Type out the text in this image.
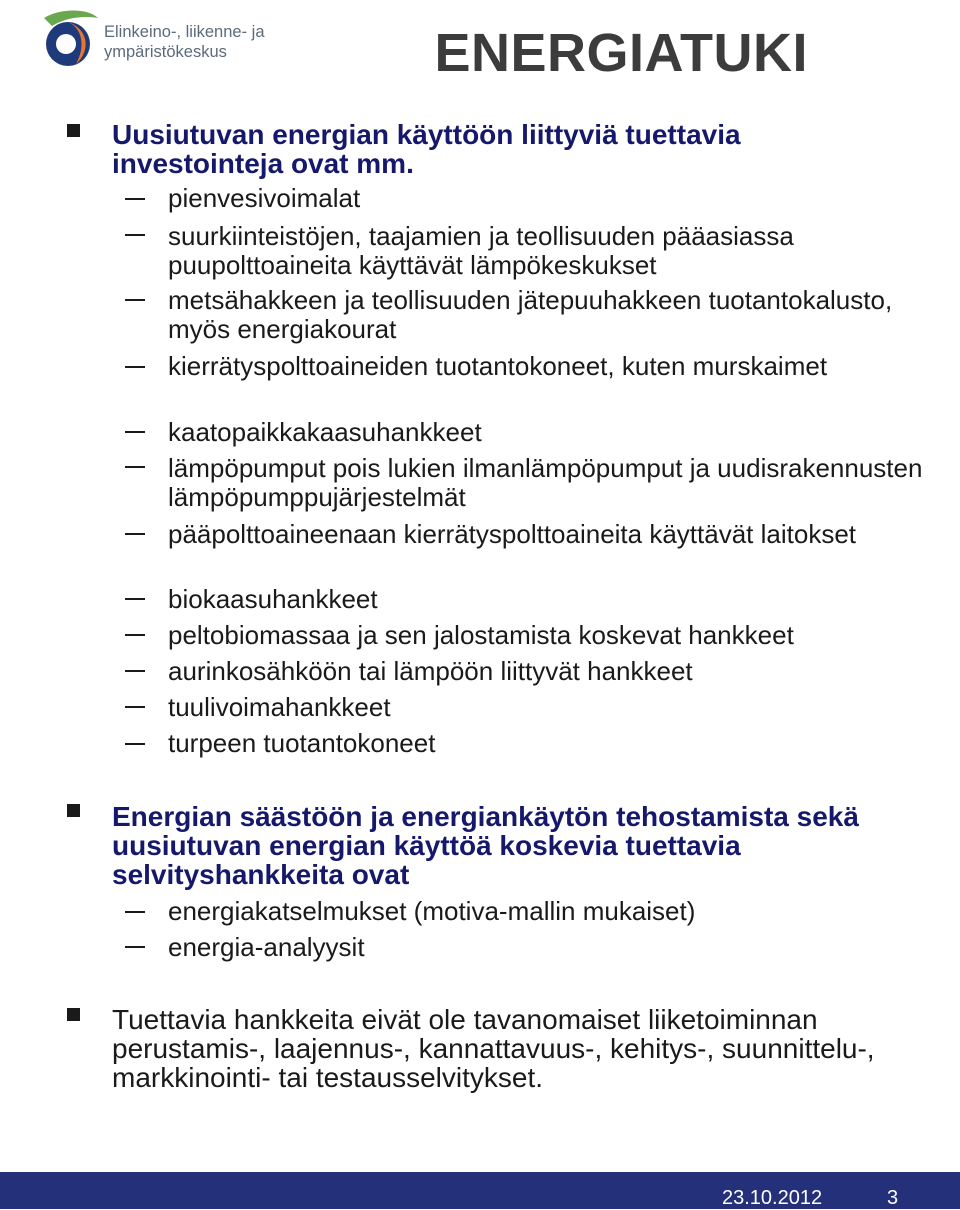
Elinkeino-, liikenne- ja
ympäristökeskus	ENERGIATUKI
Uusiutuvan energian käyttöön liittyviä tuettavia investointeja ovat mm.
pienvesivoimalat
suurkiinteistöjen, taajamien ja teollisuuden pääasiassa puupolttoaineita käyttävät lämpökeskukset
metsähakkeen ja teollisuuden jätepuuhakkeen tuotantokalusto, myös energiakourat
kierrätyspolttoaineiden tuotantokoneet, kuten murskaimet
kaatopaikkakaasuhankkeet
lämpöpumput pois lukien ilmanlämpöpumput ja uudisrakennusten lämpöpumppujärjestelmät
pääpolttoaineenaan kierrätyspolttoaineita käyttävät laitokset
biokaasuhankkeet
peltobiomassaa ja sen jalostamista koskevat hankkeet
aurinkosähköön tai lämpöön liittyvät hankkeet
tuulivoimahankkeet
turpeen tuotantokoneet
Energian säästöön ja energiankäytön tehostamista sekä uusiutuvan energian käyttöä koskevia tuettavia selvityshankkeita ovat
energiakatselmukset (motiva-mallin mukaiset)
energia-analyysit
Tuettavia hankkeita eivät ole tavanomaiset liiketoiminnan perustamis-, laajennus-, kannattavuus-, kehitys-, suunnittelu-, markkinointi- tai testausselvitykset.
23.10.2012	3
